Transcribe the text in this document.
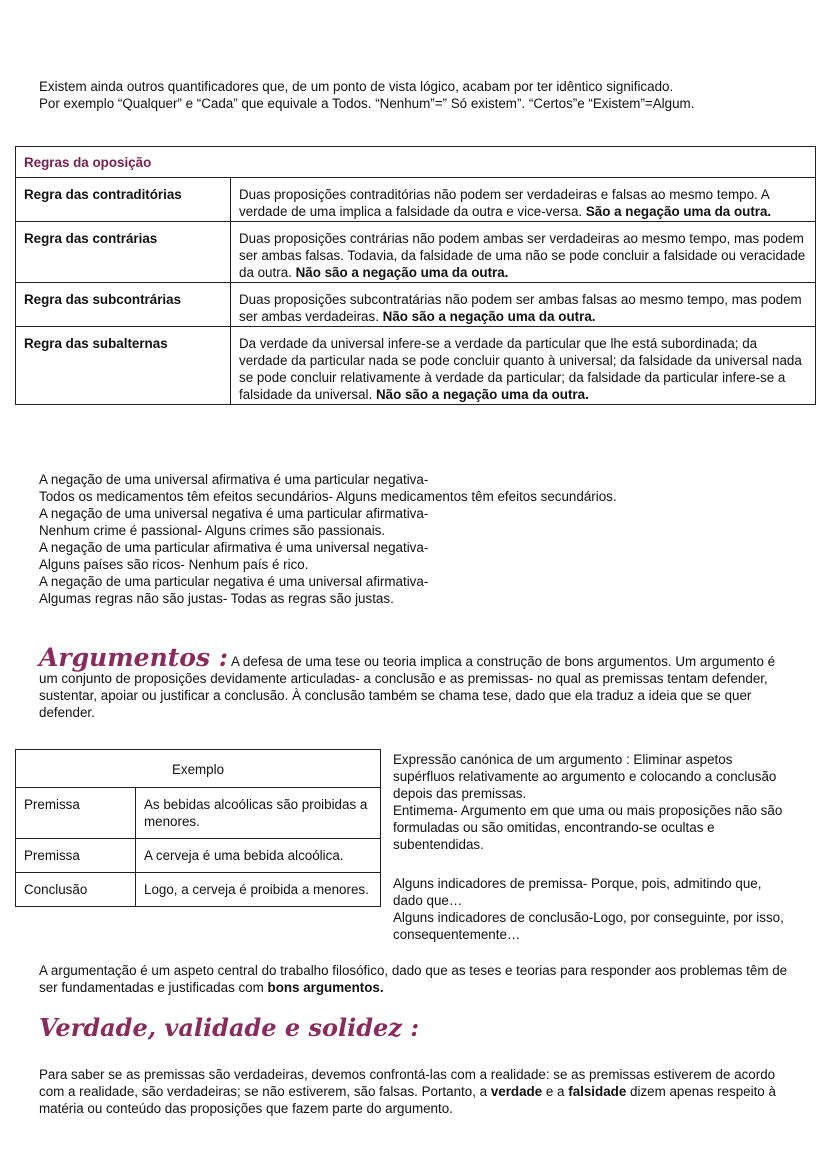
Existem ainda outros quantificadores que, de um ponto de vista lógico, acabam por ter idêntico significado.

Por exemplo “Qualquer” e “Cada” que equivale a Todos. “Nenhum”=” Só existem”. “Certos”e “Existem”=Algum.

Regras da oposição	
Regra das contraditórias	Duas proposições contraditórias não podem ser verdadeiras e falsas ao mesmo tempo. A verdade de uma implica a falsidade da outra e vice-versa. São a negação uma da outra.
Regra das contrárias	Duas proposições contrárias não podem ambas ser verdadeiras ao mesmo tempo, mas podem ser ambas falsas. Todavia, da falsidade de uma não se pode concluir a falsidade ou veracidade da outra. Não são a negação uma da outra.
Regra das subcontrárias	Duas proposições subcontratárias não podem ser ambas falsas ao mesmo tempo, mas podem ser ambas verdadeiras. Não são a negação uma da outra.
Regra das subalternas	Da verdade da universal infere-se a verdade da particular que lhe está subordinada; da verdade da particular nada se pode concluir quanto à universal; da falsidade da universal nada se pode concluir relativamente à verdade da particular; da falsidade da particular infere-se a falsidade da universal. Não são a negação uma da outra.

A negação de uma universal afirmativa é uma particular negativa-

Todos os medicamentos têm efeitos secundários- Alguns medicamentos têm efeitos secundários.

A negação de uma universal negativa é uma particular afirmativa-

Nenhum crime é passional- Alguns crimes são passionais.

A negação de uma particular afirmativa é uma universal negativa-

Alguns países são ricos- Nenhum país é rico.

A negação de uma particular negativa é uma universal afirmativa-

Algumas regras não são justas- Todas as regras são justas.

Argumentos : A defesa de uma tese ou teoria implica a construção de bons argumentos. Um argumento é um conjunto de proposições devidamente articuladas- a conclusão e as premissas- no qual as premissas tentam defender, sustentar, apoiar ou justificar a conclusão. À conclusão também se chama tese, dado que ela traduz a ideia que se quer defender.
Exemplo	
Premissa	As bebidas alcoólicas são proibidas a menores.
Premissa	A cerveja é uma bebida alcoólica.
Conclusão	Logo, a cerveja é proibida a menores.

Expressão canónica de um argumento : Eliminar aspetos supérfluos relativamente ao argumento e colocando a conclusão depois das premissas.

Entimema- Argumento em que uma ou mais proposições não são formuladas ou são omitidas, encontrando-se ocultas e subentendidas.

Alguns indicadores de premissa- Porque, pois, admitindo que, dado que…

Alguns indicadores de conclusão-Logo, por conseguinte, por isso, consequentemente…

A argumentação é um aspeto central do trabalho filosófico, dado que as teses e teorias para responder aos problemas têm de ser fundamentadas e justificadas com bons argumentos.
Verdade, validade e solidez :
Para saber se as premissas são verdadeiras, devemos confrontá-las com a realidade: se as premissas estiverem de acordo com a realidade, são verdadeiras; se não estiverem, são falsas. Portanto, a verdade e a falsidade dizem apenas respeito à matéria ou conteúdo das proposições que fazem parte do argumento.
